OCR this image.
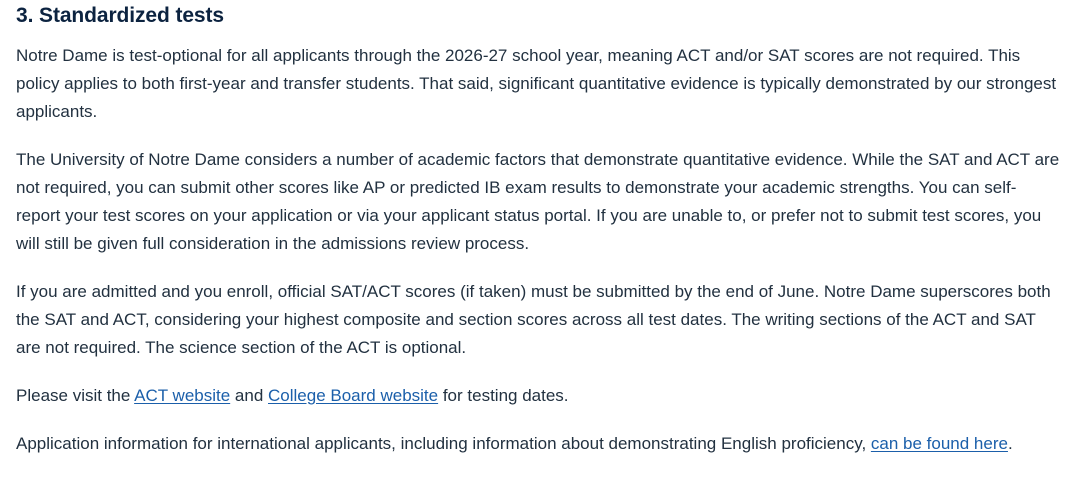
3. Standardized tests

Notre Dame is test-optional for all applicants through the 2026-27 school year, meaning ACT and/or SAT scores are not required. This policy applies to both first-year and transfer students. That said, significant quantitative evidence is typically demonstrated by our strongest applicants.

The University of Notre Dame considers a number of academic factors that demonstrate quantitative evidence. While the SAT and ACT are not required, you can submit other scores like AP or predicted IB exam results to demonstrate your academic strengths. You can self-report your test scores on your application or via your applicant status portal. If you are unable to, or prefer not to submit test scores, you will still be given full consideration in the admissions review process.

If you are admitted and you enroll, official SAT/ACT scores (if taken) must be submitted by the end of June. Notre Dame superscores both the SAT and ACT, considering your highest composite and section scores across all test dates. The writing sections of the ACT and SAT are not required. The science section of the ACT is optional.

Please visit the ACT website and College Board website for testing dates.

Application information for international applicants, including information about demonstrating English proficiency, can be found here.
